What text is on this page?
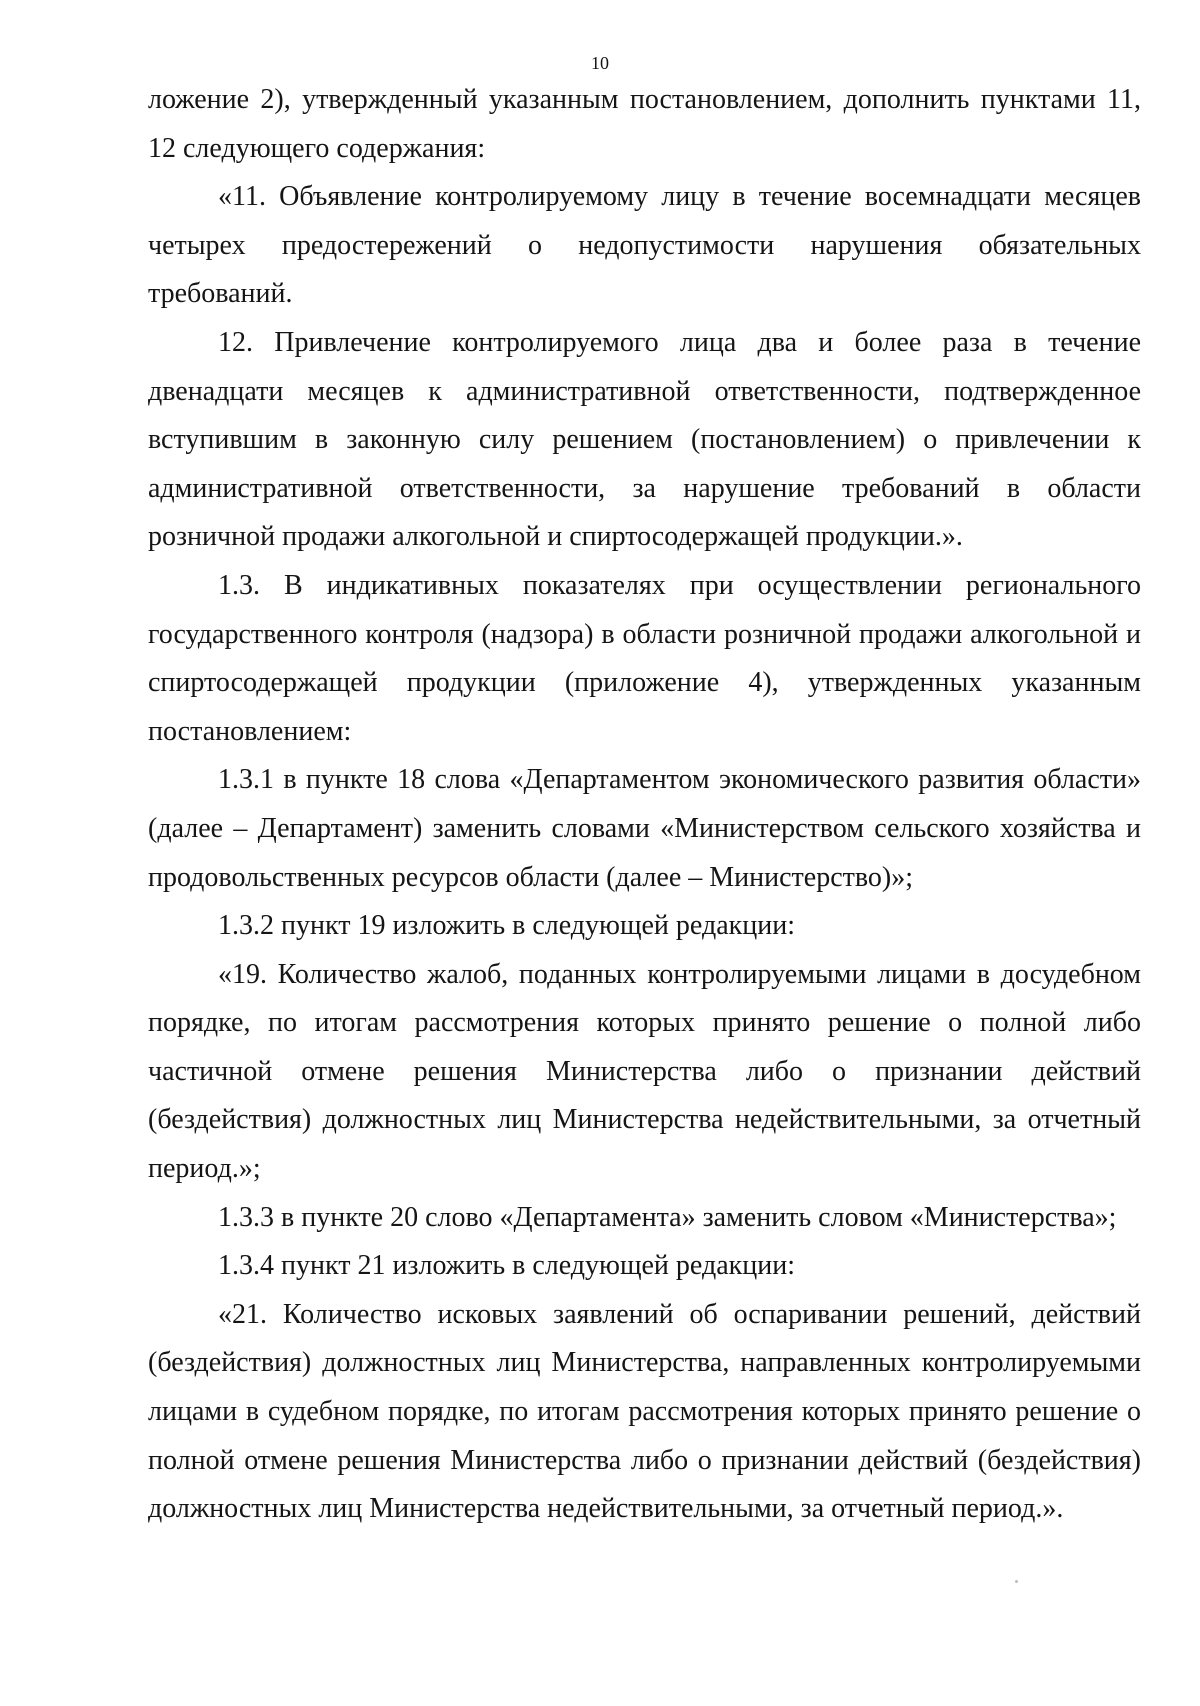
10

ложение 2), утвержденный указанным постановлением, дополнить пунктами 11, 12 следующего содержания:

«11. Объявление контролируемому лицу в течение восемнадцати месяцев четырех предостережений о недопустимости нарушения обязательных требований.

12. Привлечение контролируемого лица два и более раза в течение двенадцати месяцев к административной ответственности, подтвержденное вступившим в законную силу решением (постановлением) о привлечении к административной ответственности, за нарушение требований в области розничной продажи алкогольной и спиртосодержащей продукции.».

1.3. В индикативных показателях при осуществлении регионального государственного контроля (надзора) в области розничной продажи алкогольной и спиртосодержащей продукции (приложение 4), утвержденных указанным постановлением:

1.3.1 в пункте 18 слова «Департаментом экономического развития области» (далее – Департамент) заменить словами «Министерством сельского хозяйства и продовольственных ресурсов области (далее – Министерство)»;

1.3.2 пункт 19 изложить в следующей редакции:

«19. Количество жалоб, поданных контролируемыми лицами в досудебном порядке, по итогам рассмотрения которых принято решение о полной либо частичной отмене решения Министерства либо о признании действий (бездействия) должностных лиц Министерства недействительными, за отчетный период.»;

1.3.3 в пункте 20 слово «Департамента» заменить словом «Министерства»;

1.3.4 пункт 21 изложить в следующей редакции:

«21. Количество исковых заявлений об оспаривании решений, действий (бездействия) должностных лиц Министерства, направленных контролируемыми лицами в судебном порядке, по итогам рассмотрения которых принято решение о полной отмене решения Министерства либо о признании действий (бездействия) должностных лиц Министерства недействительными, за отчетный период.».
